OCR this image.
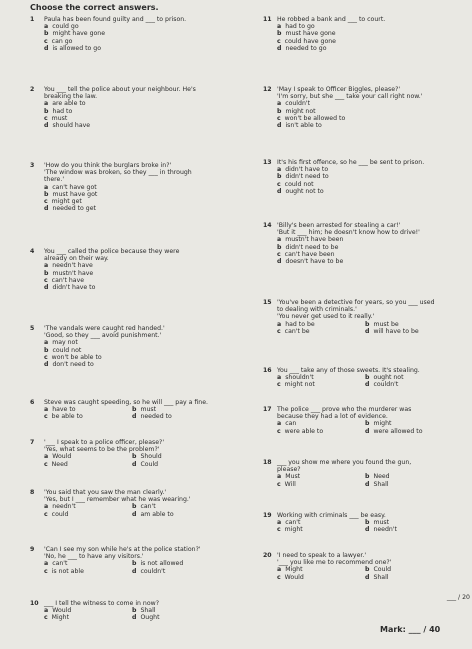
Choose the correct answers.
1 Paula has been found guilty and ___ to prison.
a could go
b might have gone
c can go
d is allowed to go
2 You ___ tell the police about your neighbour. He's
breaking the law.
a are able to
b had to
c must
d should have
3 'How do you think the burglars broke in?'
'The window was broken, so they ___ in through
there.'
a can't have got
b must have got
c might get
d needed to get
4 You ___ called the police because they were
already on their way.
a needn't have
b mustn't have
c can't have
d didn't have to
5 'The vandals were caught red handed.'
'Good, so they ___ avoid punishment.'
a may not
b could not
c won't be able to
d don't need to
6 Steve was caught speeding, so he will ___ pay a fine.
a have to	b must
c be able to	d needed to
7 '___ I speak to a police officer, please?'
'Yes, what seems to be the problem?'
a Would	b Should
c Need	d Could
8 'You said that you saw the man clearly.'
'Yes, but I ___ remember what he was wearing.'
a needn't	b can't
c could	d am able to
9 'Can I see my son while he's at the police station?'
'No, he ___ to have any visitors.'
a can't	b is not allowed
c is not able	d couldn't
10 ___ I tell the witness to come in now?
a Would	b Shall
c Might	d Ought
11 He robbed a bank and ___ to court.
a had to go
b must have gone
c could have gone
d needed to go
12 'May I speak to Officer Biggles, please?'
'I'm sorry, but she ___ take your call right now.'
a couldn't
b might not
c won't be allowed to
d isn't able to
13 It's his first offence, so he ___ be sent to prison.
a didn't have to
b didn't need to
c could not
d ought not to
14 'Billy's been arrested for stealing a car!'
'But it ___ him; he doesn't know how to drive!'
a mustn't have been
b didn't need to be
c can't have been
d doesn't have to be
15 'You've been a detective for years, so you ___ used
to dealing with criminals.'
'You never get used to it really.'
a had to be	b must be
c can't be	d will have to be
16 You ___ take any of those sweets. It's stealing.
a shouldn't	b ought not
c might not	d couldn't
17 The police ___ prove who the murderer was
because they had a lot of evidence.
a can	b might
c were able to	d were allowed to
18 ___ you show me where you found the gun,
please?
a Must	b Need
c Will	d Shall
19 Working with criminals ___ be easy.
a can't	b must
c might	d needn't
20 'I need to speak to a lawyer.'
'___ you like me to recommend one?'
a Might	b Could
c Would	d Shall
___ / 20
Mark: ___ / 40
